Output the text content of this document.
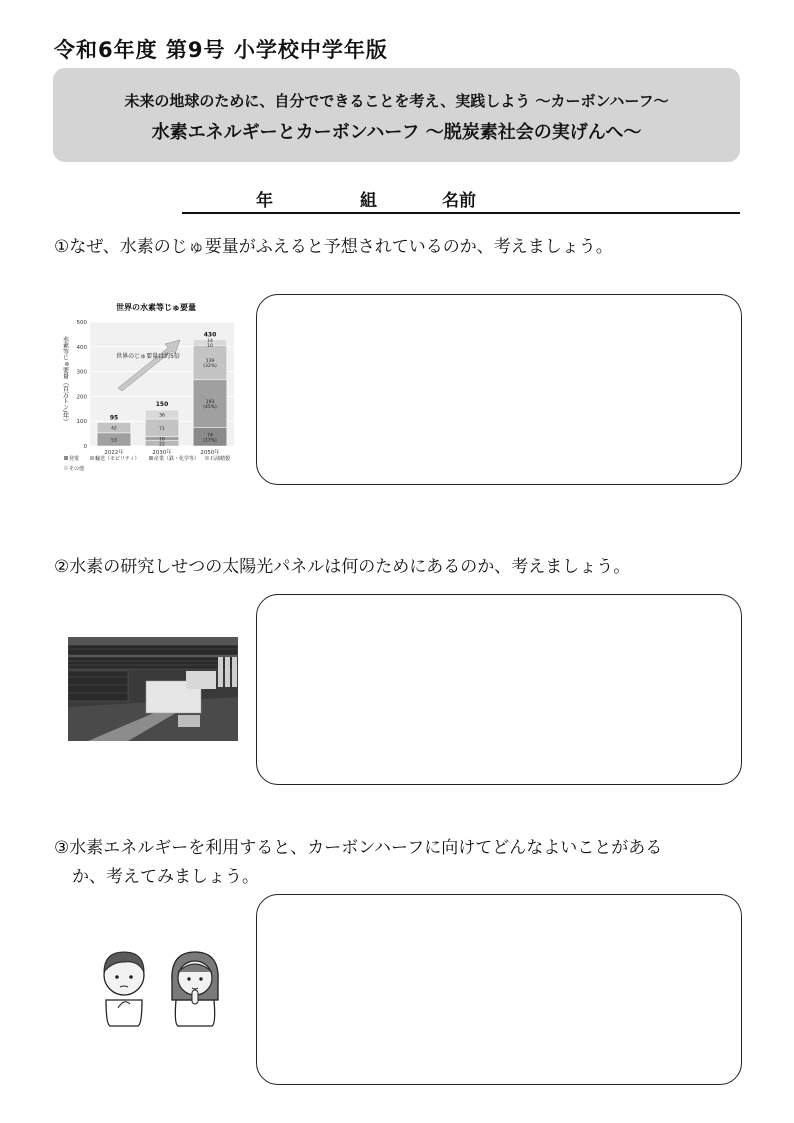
令和6年度 第9号 小学校中学年版
未来の地球のために、自分でできることを考え、実践しよう ～カーボンハーフ～
水素エネルギーとカーボンハーフ ～脱炭素社会の実げんへ～
年	組	名前
①なぜ、水素のじゅ要量がふえると予想されているのか、考えましょう。
世界の水素等じゅ要量
水素等じゅ要量（百万トン/年）
0
100
200
300
400
500
53
42
95
2022年
22
16
71
36
150
2030年
74
(17%)
193
(45%)
139
(32%)
14
10
430
2050年
世界のじゅ要量は約5倍
発電	輸送（モビリティ）	産業（鉄・化学等） 石油精製
その他
②水素の研究しせつの太陽光パネルは何のためにあるのか、考えましょう。
③水素エネルギーを利用すると、カーボンハーフに向けてどんなよいことがある
か、考えてみましょう。
